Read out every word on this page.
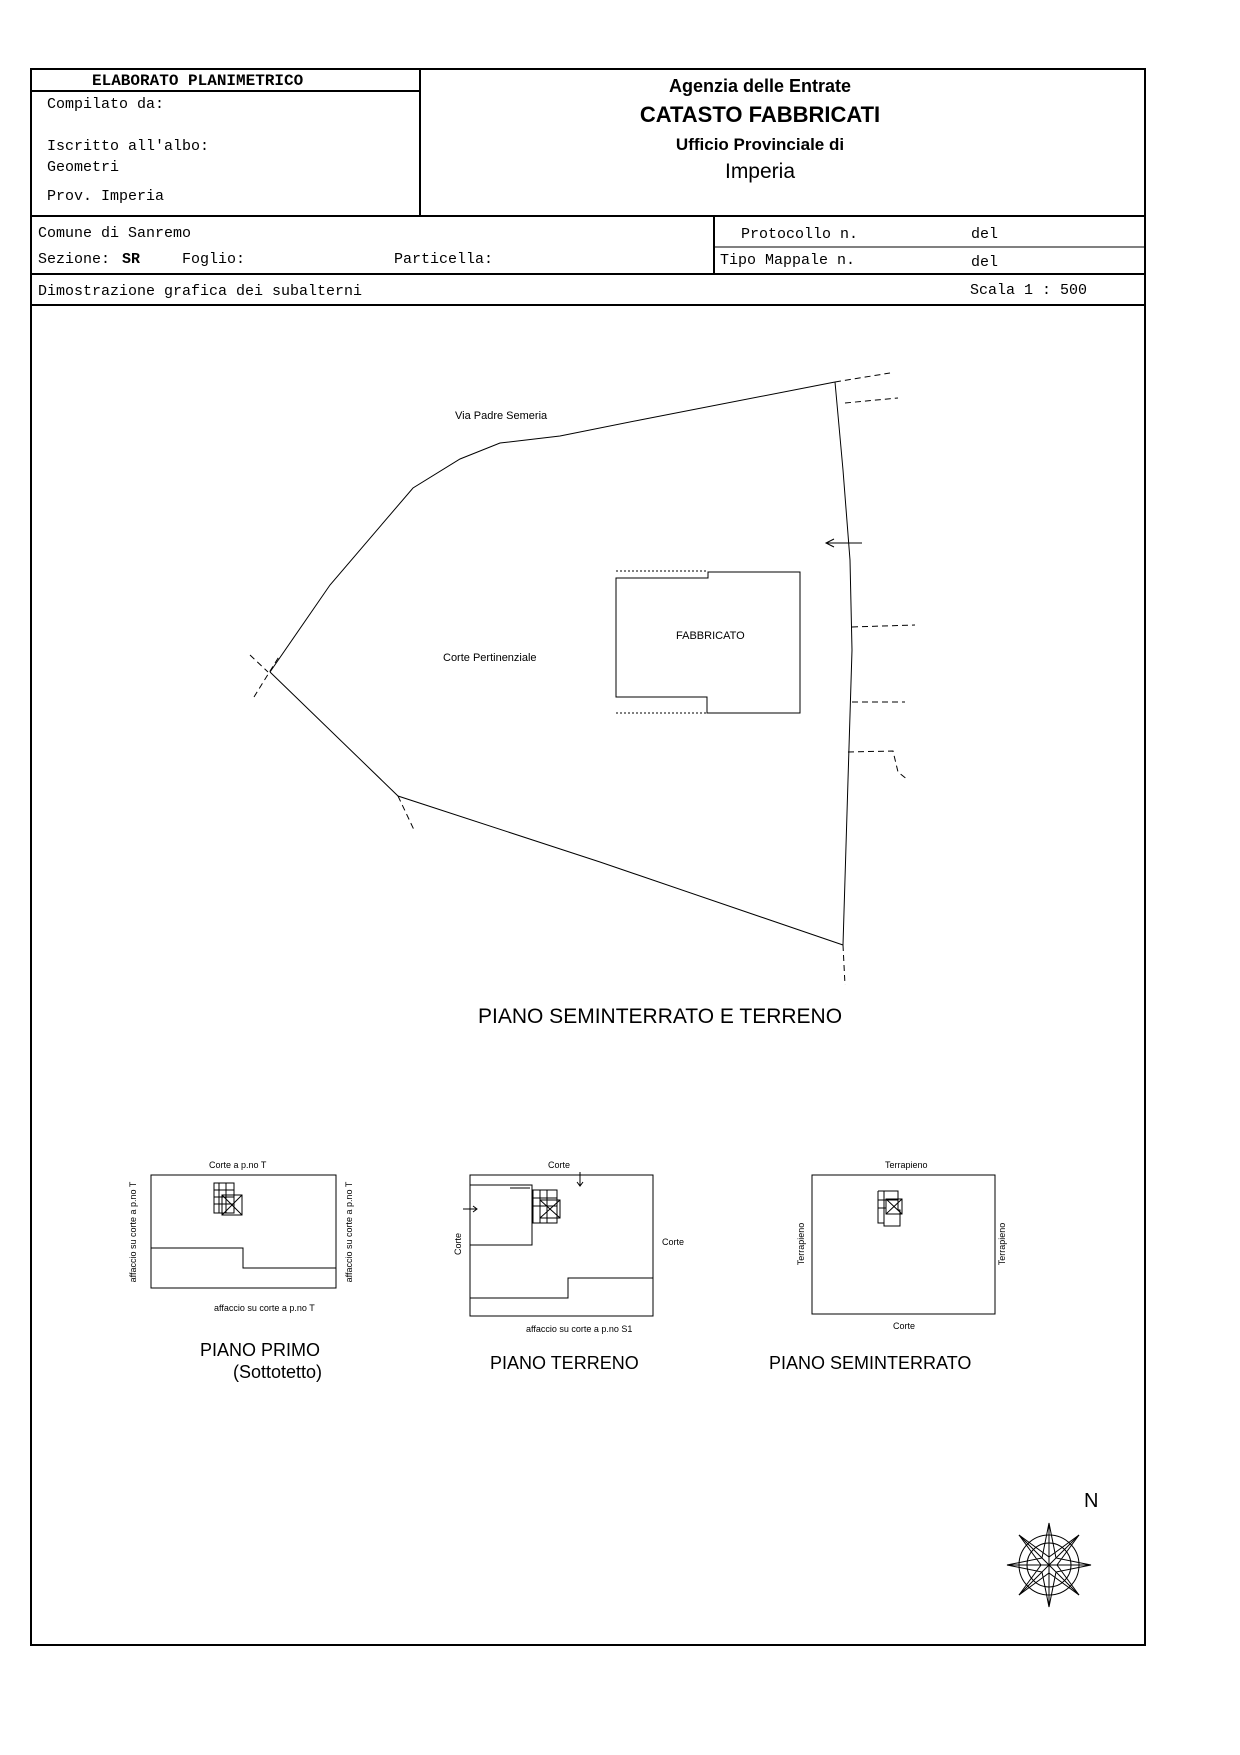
affaccio su corte a p.no T	affaccio su corte a p.no T	Corte	Terrapieno	Terrapieno
ELABORATO PLANIMETRICO
Compilato da:
Iscritto all'albo:
Geometri
Prov. Imperia
Agenzia delle Entrate
CATASTO FABBRICATI
Ufficio Provinciale di
Imperia
Comune di Sanremo
Sezione: SR	Foglio:	Particella:
Protocollo n.	del
Tipo Mappale n.	del
Dimostrazione grafica dei subalterni	Scala 1 : 500
Via Padre Semeria
FABBRICATO
Corte Pertinenziale
PIANO SEMINTERRATO E TERRENO
Corte a p.no T
affaccio su corte a p.no T
PIANO PRIMO
(Sottotetto)
Corte
Corte
affaccio su corte a p.no S1
PIANO TERRENO
Terrapieno
Corte
PIANO SEMINTERRATO
N
